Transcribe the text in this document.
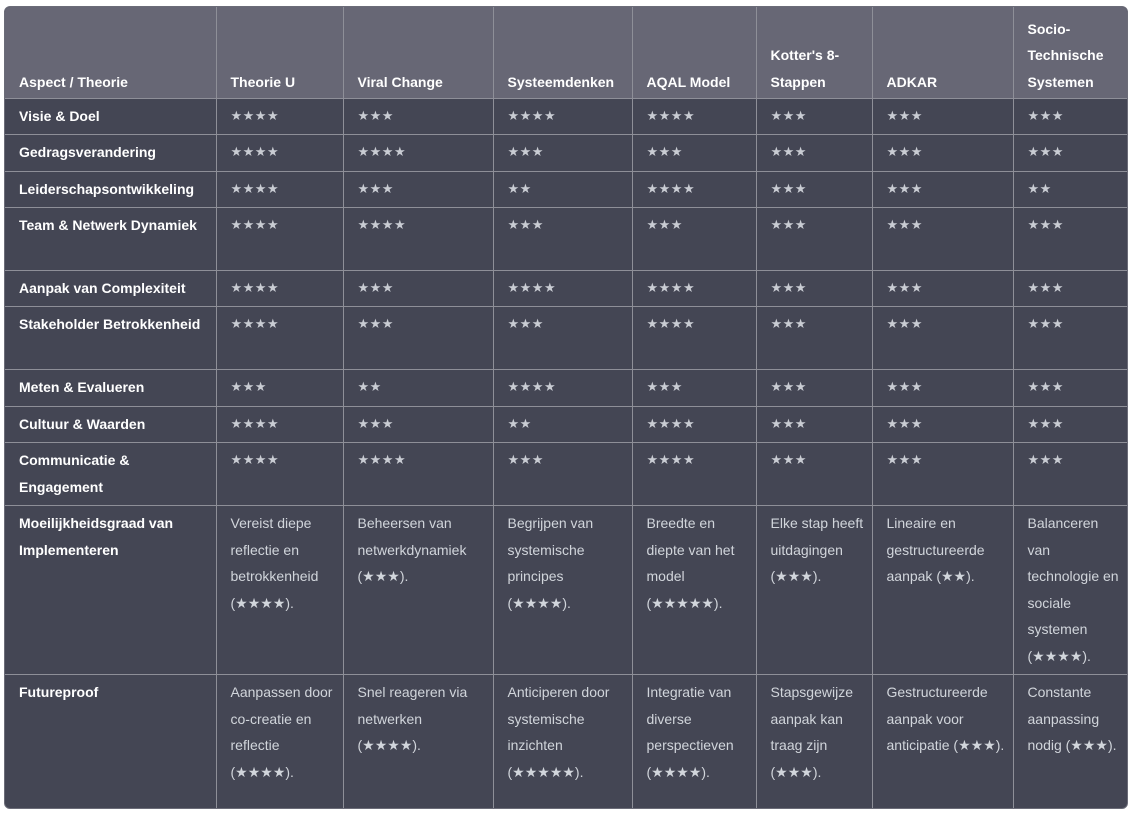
Aspect / Theorie	Theorie U	Viral Change	Systeemdenken	AQAL Model	Kotter's 8-Stappen	ADKAR	Socio-Technische Systemen
Visie & Doel	★★★★	★★★	★★★★	★★★★	★★★	★★★	★★★
Gedragsverandering	★★★★	★★★★	★★★	★★★	★★★	★★★	★★★
Leiderschapsontwikkeling	★★★★	★★★	★★	★★★★	★★★	★★★	★★
Team & Netwerk Dynamiek	★★★★	★★★★	★★★	★★★	★★★	★★★	★★★
Aanpak van Complexiteit	★★★★	★★★	★★★★	★★★★	★★★	★★★	★★★
Stakeholder Betrokkenheid	★★★★	★★★	★★★	★★★★	★★★	★★★	★★★
Meten & Evalueren	★★★	★★	★★★★	★★★	★★★	★★★	★★★
Cultuur & Waarden	★★★★	★★★	★★	★★★★	★★★	★★★	★★★
Communicatie & Engagement	★★★★	★★★★	★★★	★★★★	★★★	★★★	★★★
Moeilijkheidsgraad van Implementeren	Vereist diepe reflectie en betrokkenheid (★★★★).	Beheersen van netwerkdynamiek (★★★).	Begrijpen van systemische principes (★★★★).	Breedte en diepte van het model (★★★★★).	Elke stap heeft uitdagingen (★★★).	Lineaire en gestructureerde aanpak (★★).	Balanceren van technologie en sociale systemen (★★★★).
Futureproof	Aanpassen door co-creatie en reflectie (★★★★).	Snel reageren via netwerken (★★★★).	Anticiperen door systemische inzichten (★★★★★).	Integratie van diverse perspectieven (★★★★).	Stapsgewijze aanpak kan traag zijn (★★★).	Gestructureerde aanpak voor anticipatie (★★★).	Constante aanpassing nodig (★★★).
